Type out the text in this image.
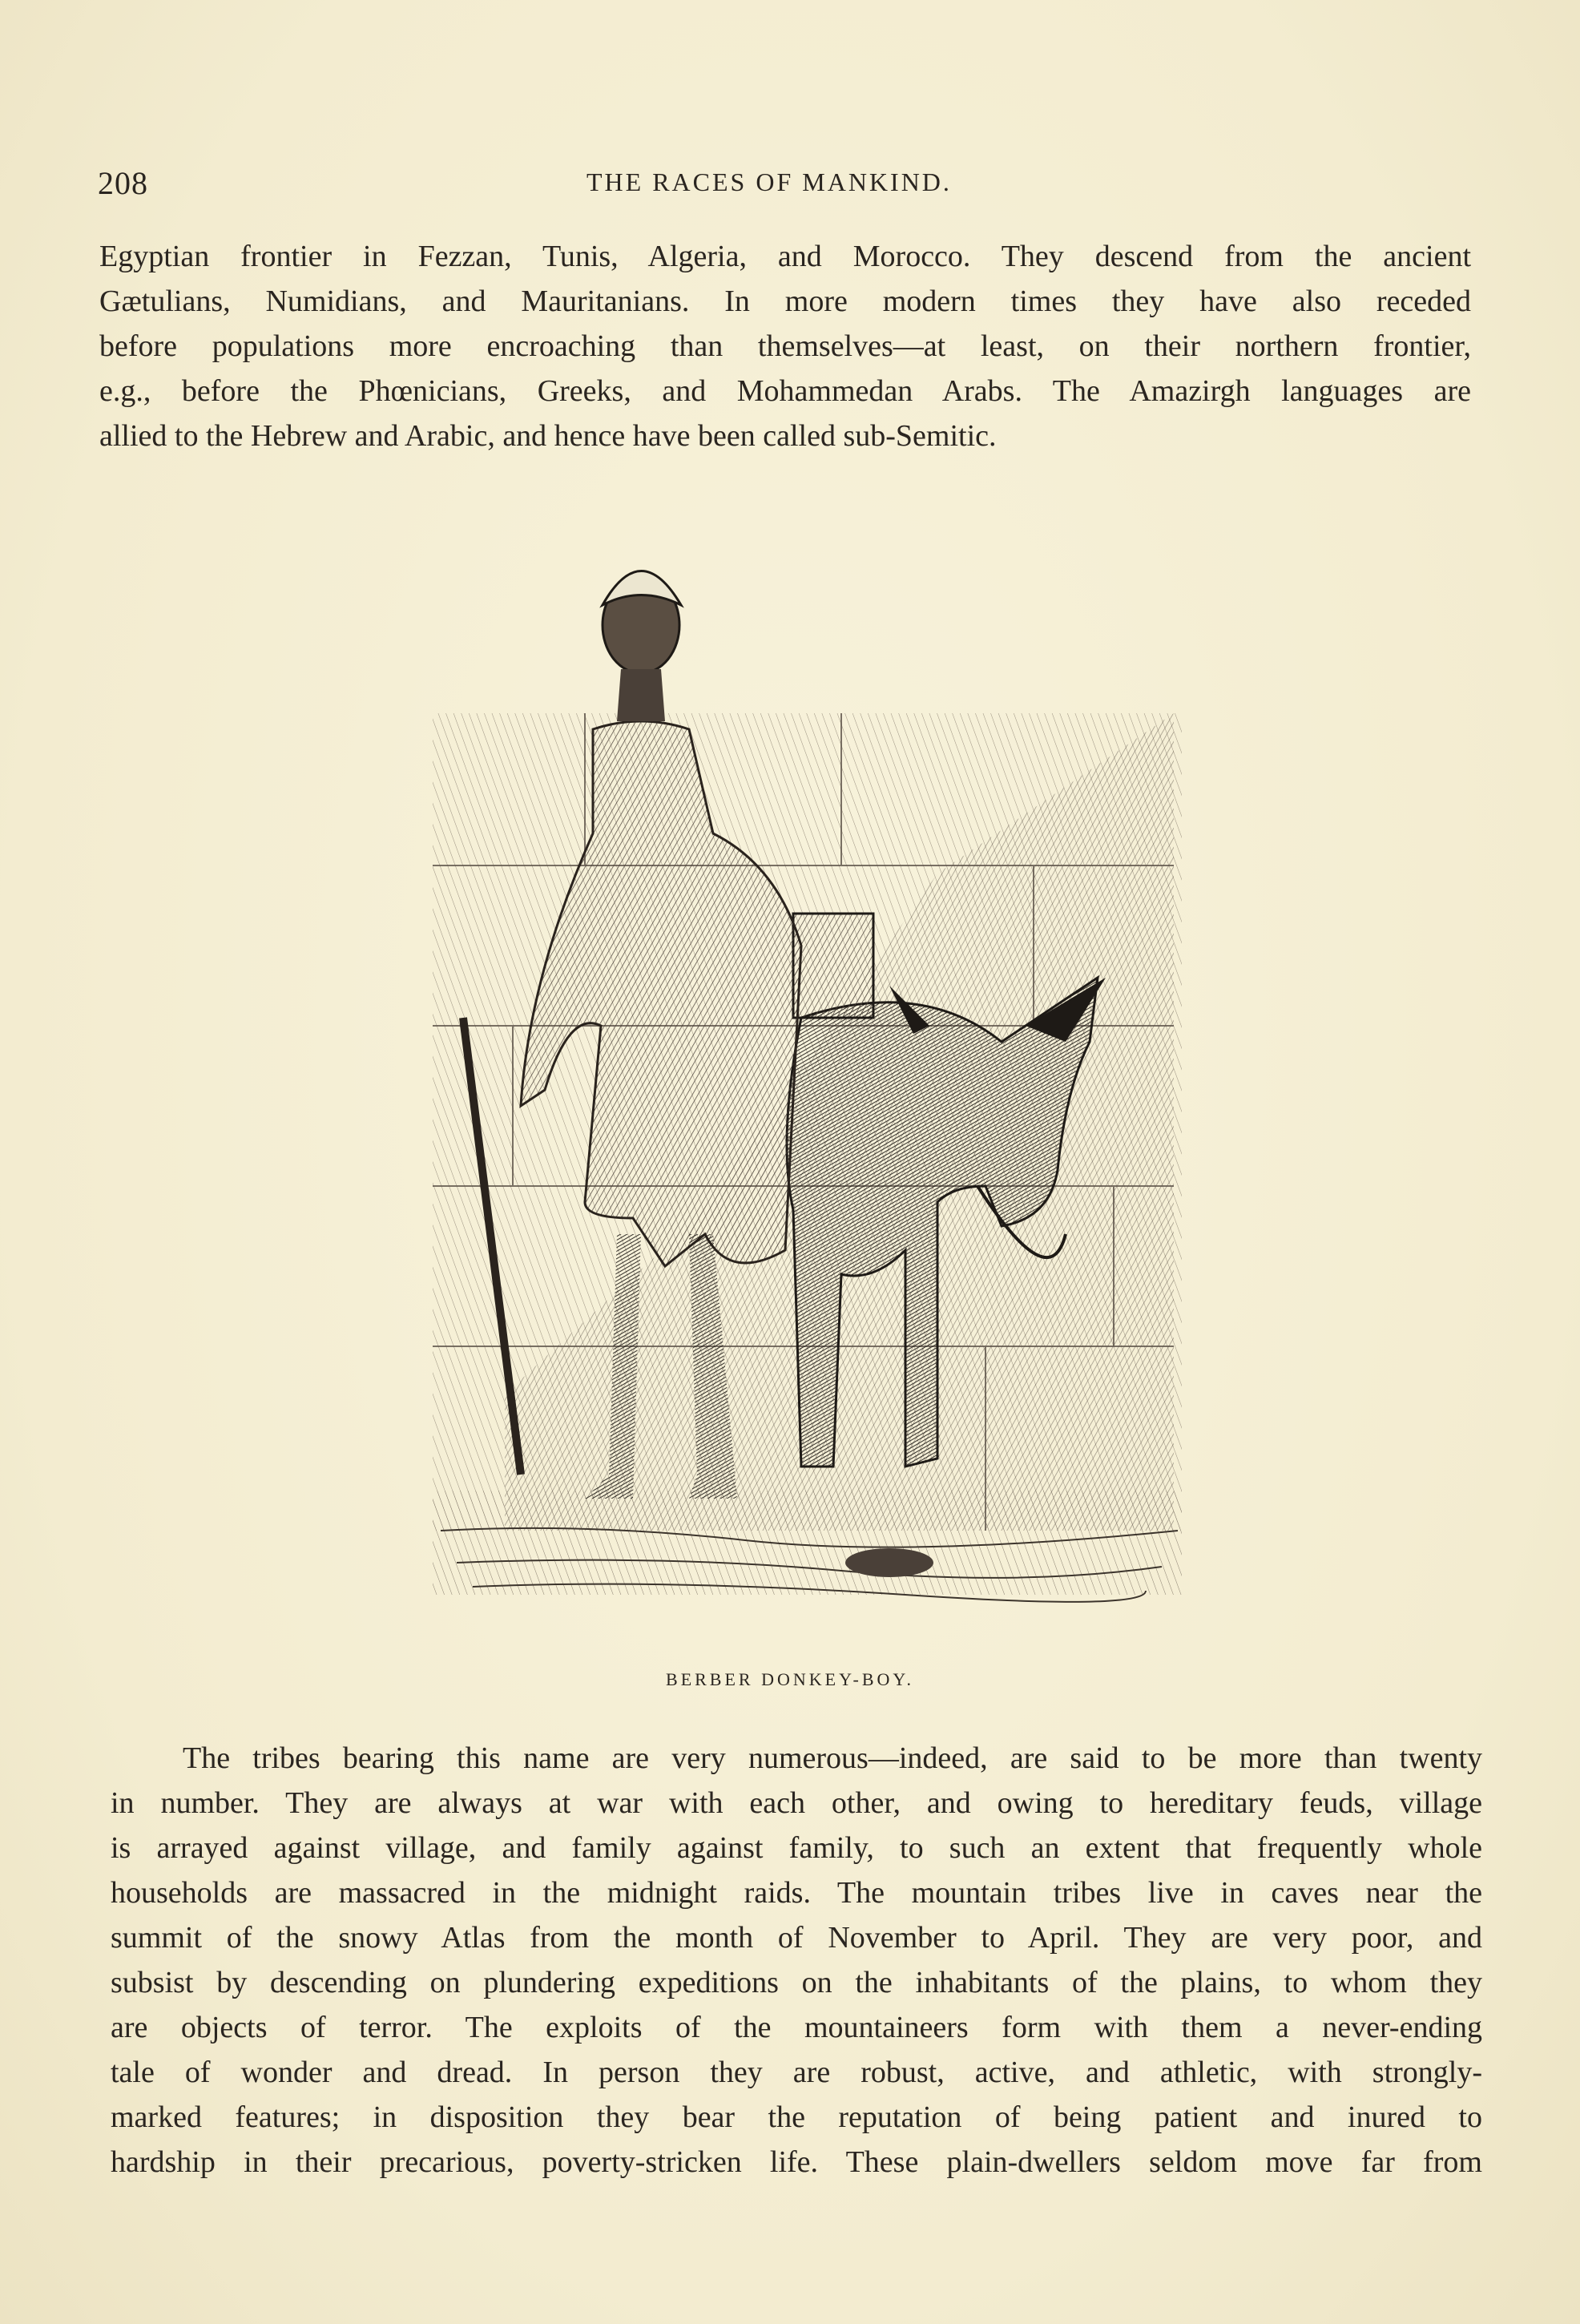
208	THE RACES OF MANKIND.
Egyptian frontier in Fezzan, Tunis, Algeria, and Morocco. They descend from the ancient
Gætulians, Numidians, and Mauritanians. In more modern times they have also receded
before populations more encroaching than themselves—at least, on their northern frontier,
e.g., before the Phœnicians, Greeks, and Mohammedan Arabs. The Amazirgh languages are
allied to the Hebrew and Arabic, and hence have been called sub-Semitic.
BERBER DONKEY-BOY.
The tribes bearing this name are very numerous—indeed, are said to be more than twenty
in number. They are always at war with each other, and owing to hereditary feuds, village
is arrayed against village, and family against family, to such an extent that frequently whole
households are massacred in the midnight raids. The mountain tribes live in caves near the
summit of the snowy Atlas from the month of November to April. They are very poor, and
subsist by descending on plundering expeditions on the inhabitants of the plains, to whom they
are objects of terror. The exploits of the mountaineers form with them a never-ending
tale of wonder and dread. In person they are robust, active, and athletic, with strongly-
marked features; in disposition they bear the reputation of being patient and inured to
hardship in their precarious, poverty-stricken life. These plain-dwellers seldom move far from
